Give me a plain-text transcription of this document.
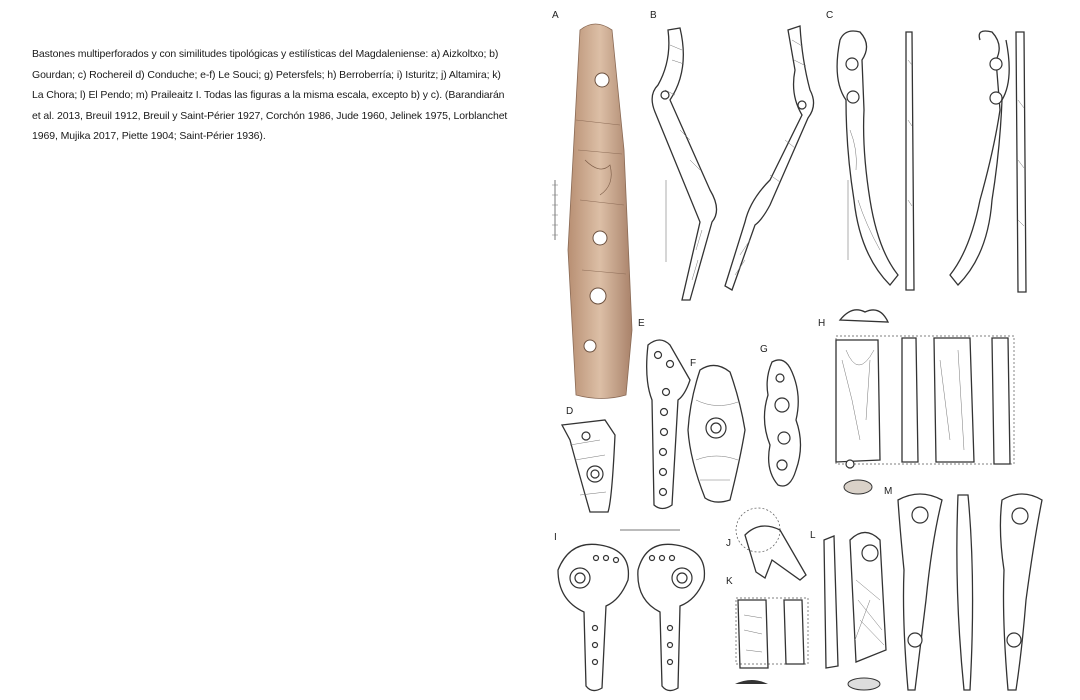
Bastones multiperforados y con similitudes tipológicas y estilísticas del Magdaleniense: a) Aizkoltxo; b) Gourdan; c) Rochereil d) Conduche; e-f) Le Souci; g) Petersfels; h) Berroberría; i) Isturitz; j) Altamira; k) La Chora; l) El Pendo; m) Praileaitz I. Todas las figuras a la misma escala, excepto b) y c). (Barandiarán et al. 2013, Breuil 1912, Breuil y Saint-Périer 1927, Corchón 1986, Jude 1960, Jelinek 1975, Lorblanchet 1969, Mujika 2017, Piette 1904; Saint-Périer 1936).
A	B	C
D
E
F
G
H
I
J
K
L
M
